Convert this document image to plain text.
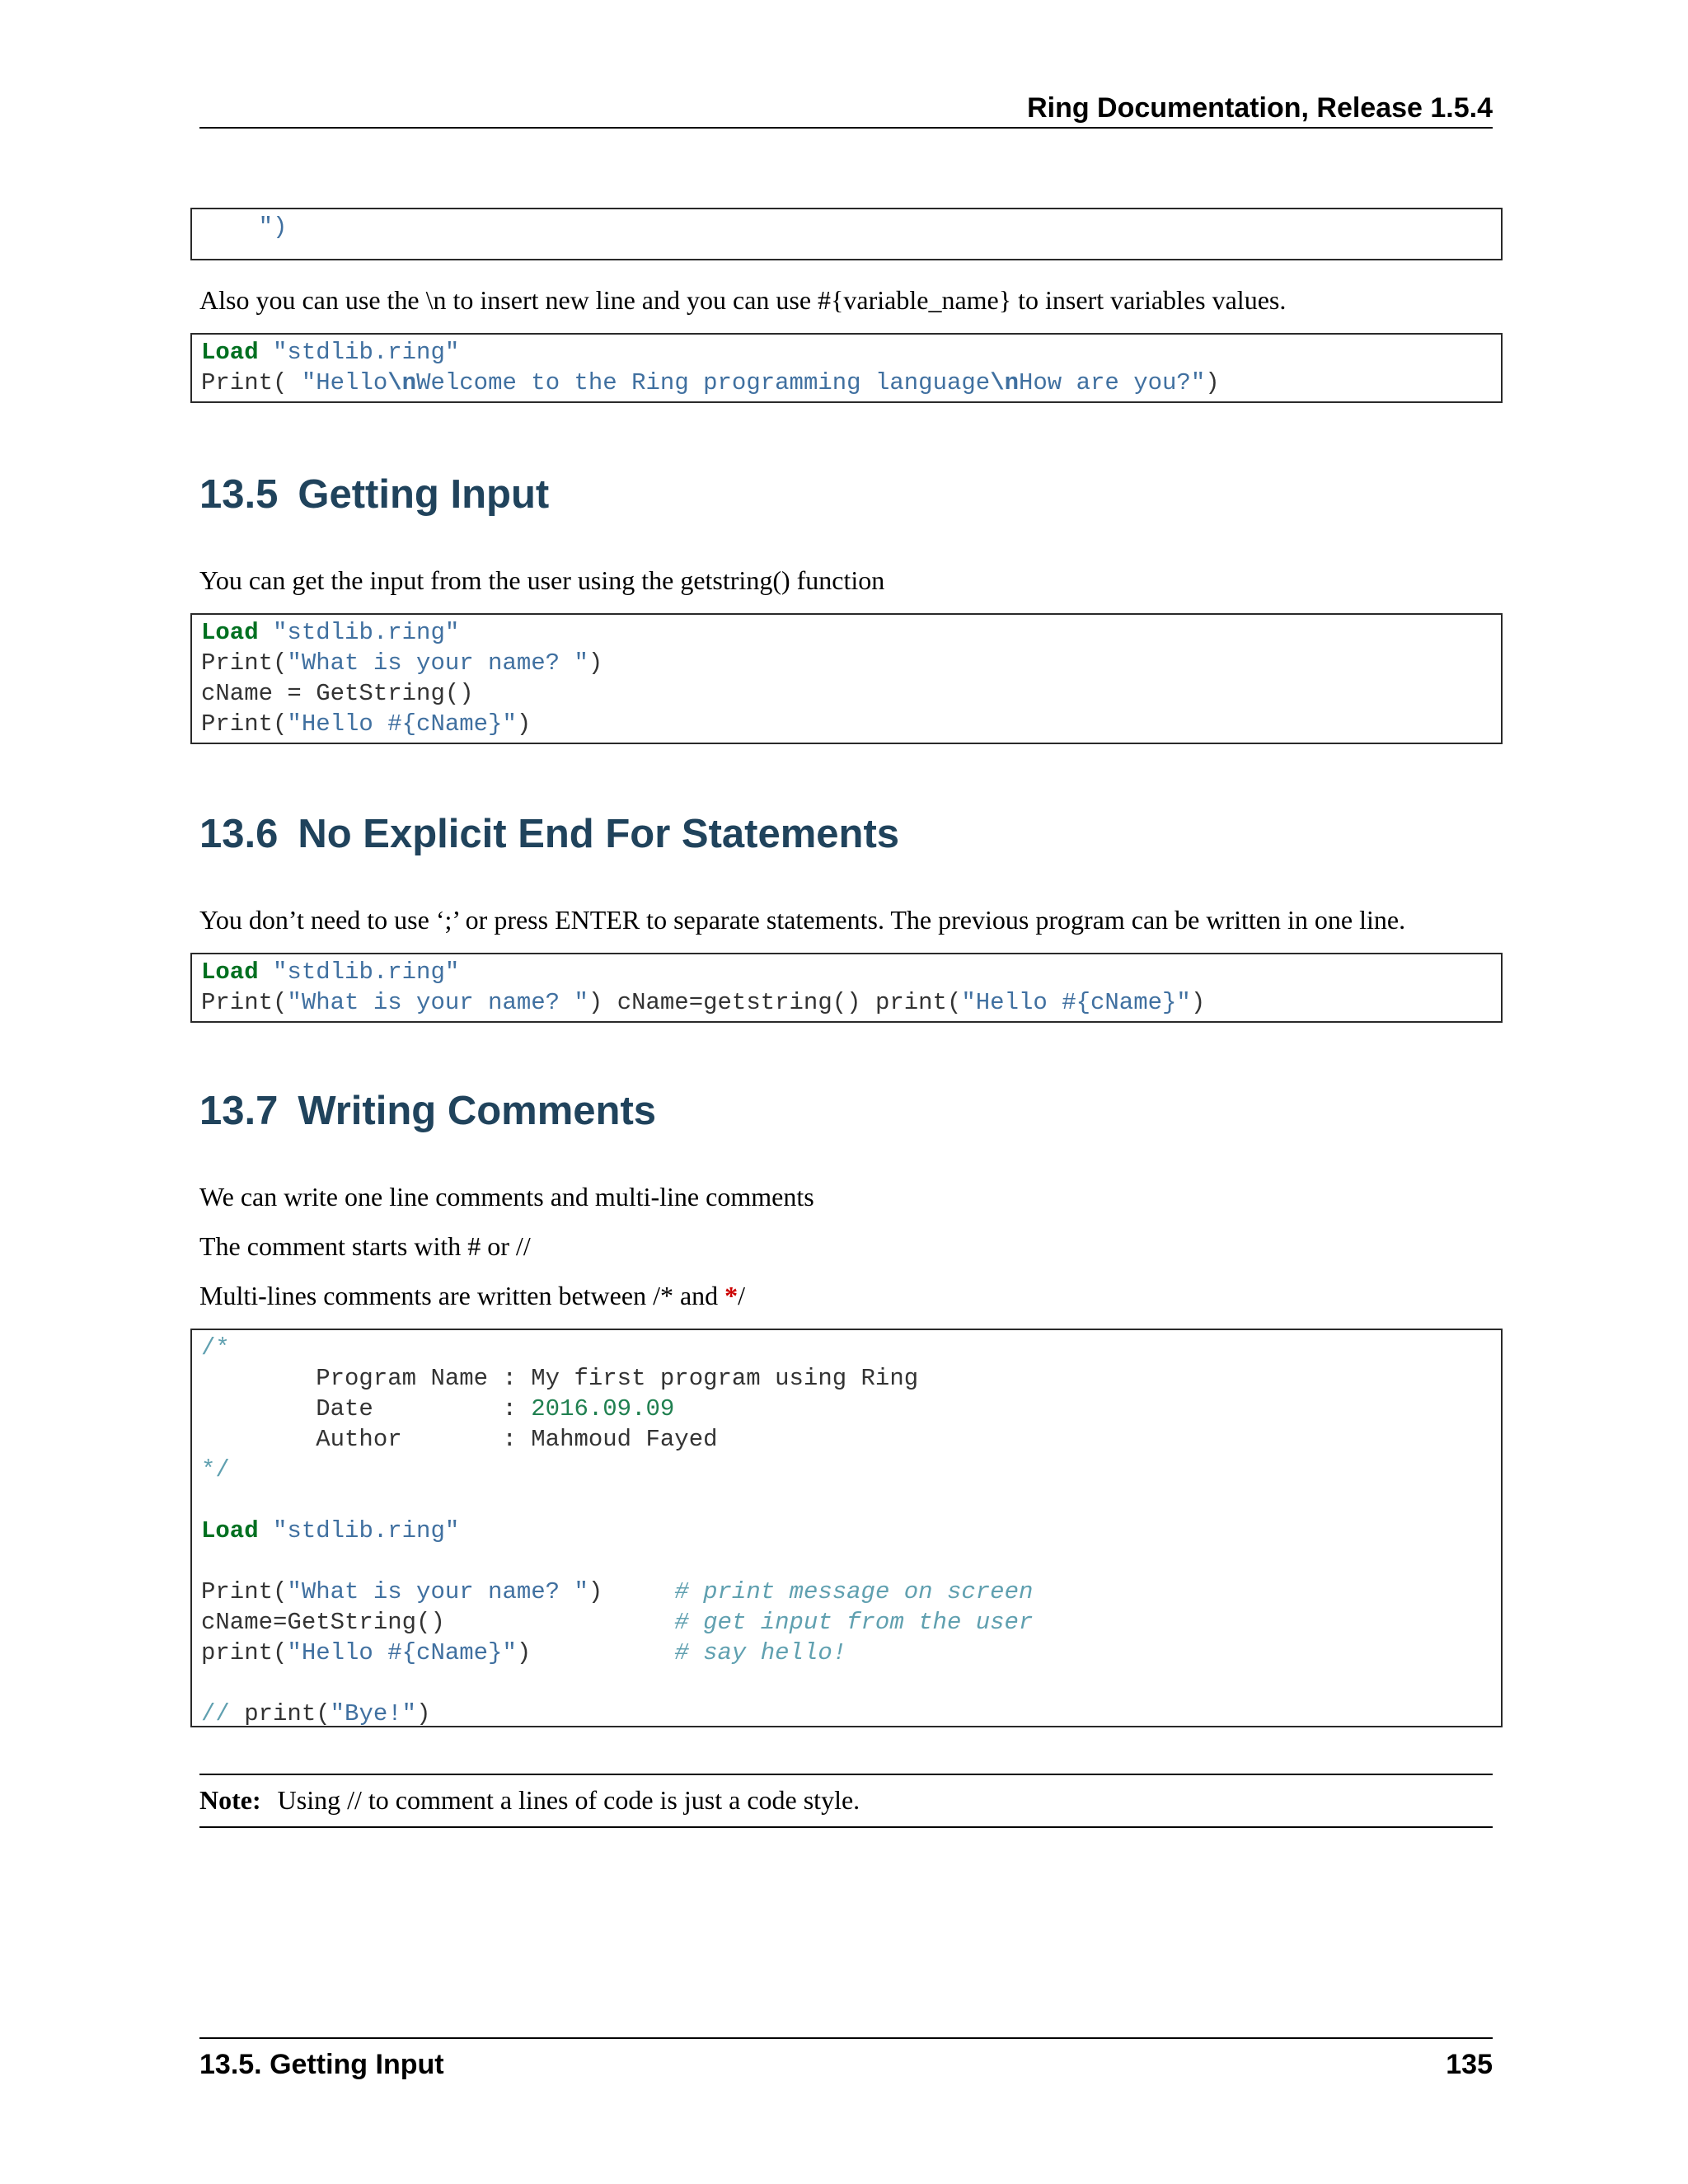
Ring Documentation, Release 1.5.4
")
Also you can use the \n to insert new line and you can use #{variable_name} to insert variables values.
Load "stdlib.ring"
Print( "Hello\nWelcome to the Ring programming language\nHow are you?")
13.5 Getting Input
You can get the input from the user using the getstring() function
Load "stdlib.ring"
Print("What is your name? ")
cName = GetString()
Print("Hello #{cName}")
13.6 No Explicit End For Statements
You don’t need to use ‘;’ or press ENTER to separate statements. The previous program can be written in one line.
Load "stdlib.ring"
Print("What is your name? ") cName=getstring() print("Hello #{cName}")
13.7 Writing Comments
We can write one line comments and multi-line comments
The comment starts with # or //
Multi-lines comments are written between /* and */
/*
Program Name : My first program using Ring
Date         : 2016.09.09
Author       : Mahmoud Fayed
*/
Load "stdlib.ring"
Print("What is your name? ")     # print message on screen
cName=GetString()                # get input from the user
print("Hello #{cName}")          # say hello!
// print("Bye!")
Note: Using // to comment a lines of code is just a code style.
13.5. Getting Input	135
